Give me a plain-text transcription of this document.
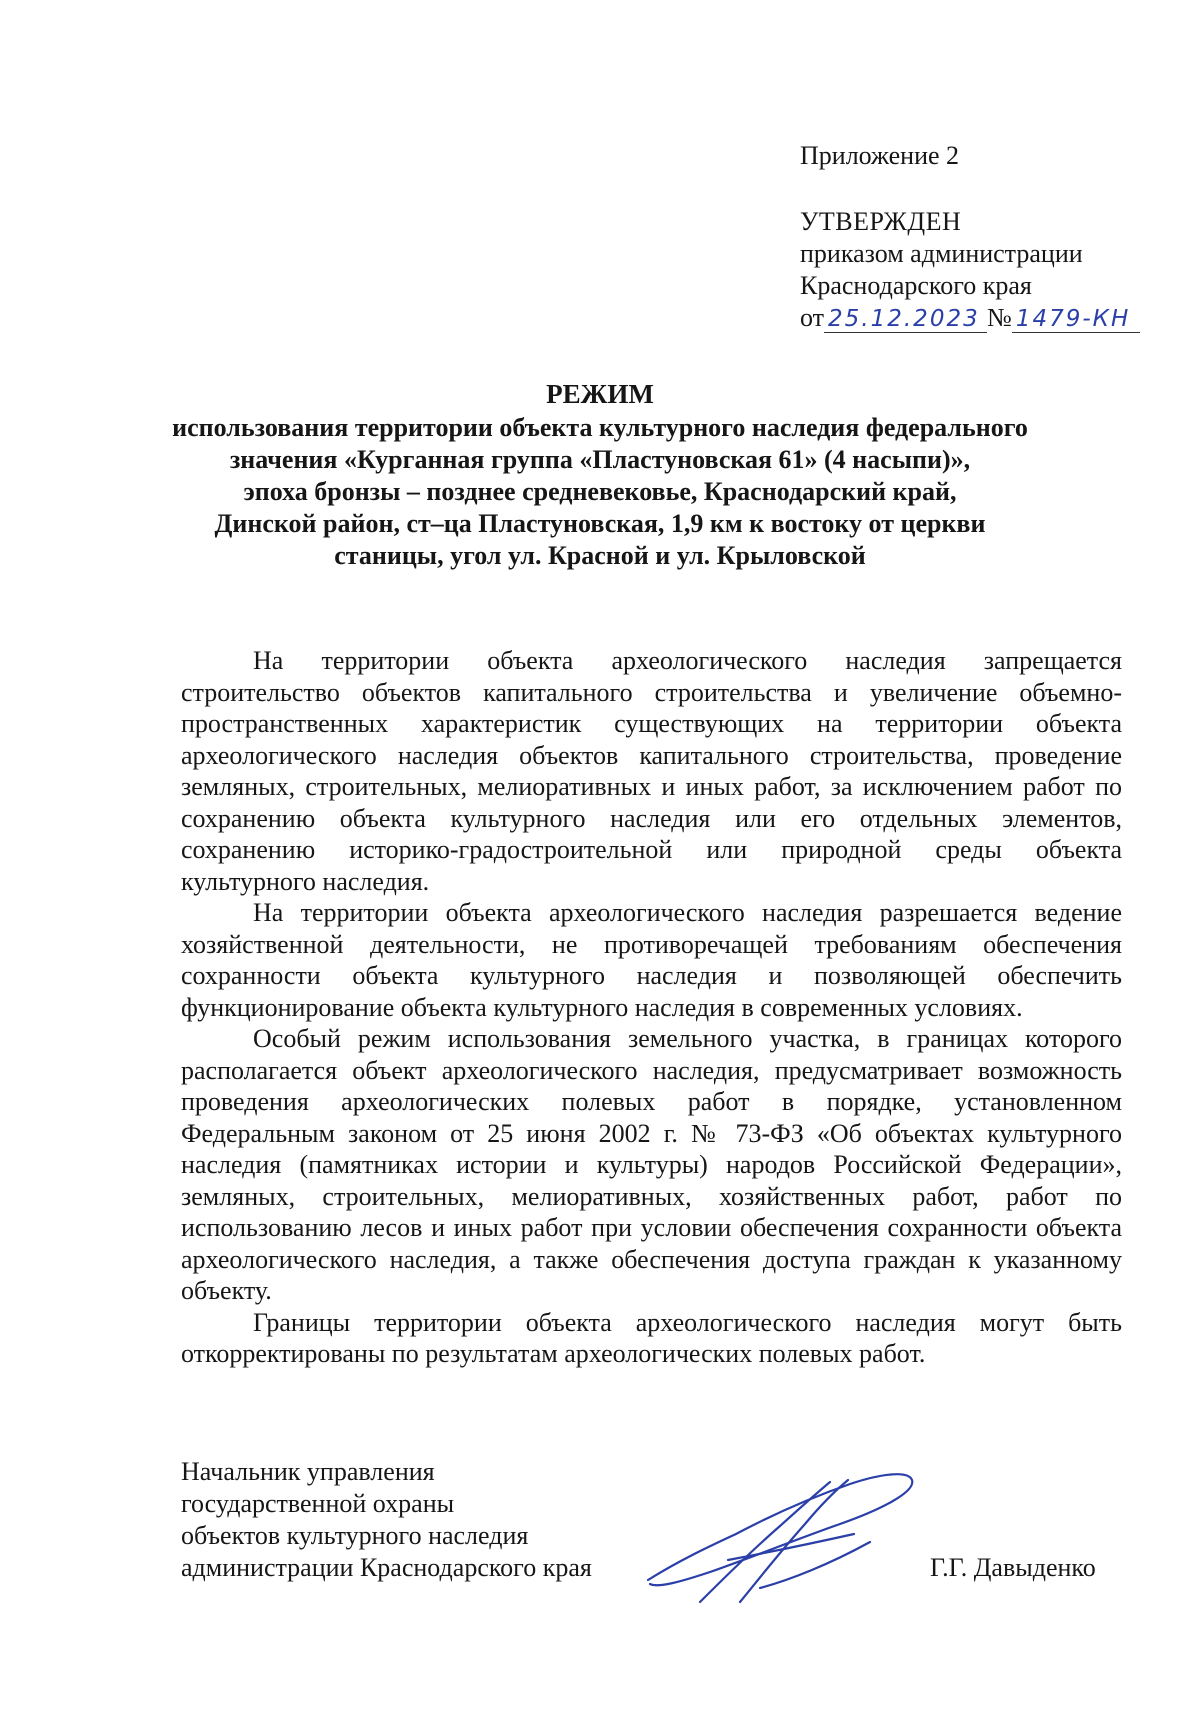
Приложение 2
УТВЕРЖДЕН
приказом администрации
Краснодарского края
от 25.12.2023 № 1479-КН
РЕЖИМ
использования территории объекта культурного наследия федерального
значения «Курганная группа «Пластуновская 61» (4 насыпи)»,
эпоха бронзы – позднее средневековье, Краснодарский край,
Динской район, ст–ца Пластуновская, 1,9 км к востоку от церкви
станицы, угол ул. Красной и ул. Крыловской

На территории объекта археологического наследия запрещается строительство объектов капитального строительства и увеличение объемно-пространственных характеристик существующих на территории объекта археологического наследия объектов капитального строительства, проведение земляных, строительных, мелиоративных и иных работ, за исключением работ по сохранению объекта культурного наследия или его отдельных элементов, сохранению историко-градостроительной или природной среды объекта культурного наследия.

На территории объекта археологического наследия разрешается ведение хозяйственной деятельности, не противоречащей требованиям обеспечения сохранности объекта культурного наследия и позволяющей обеспечить функционирование объекта культурного наследия в современных условиях.

Особый режим использования земельного участка, в границах которого располагается объект археологического наследия, предусматривает возможность проведения археологических полевых работ в порядке, установленном Федеральным законом от 25 июня 2002 г. № 73-ФЗ «Об объектах культурного наследия (памятниках истории и культуры) народов Российской Федерации», земляных, строительных, мелиоративных, хозяйственных работ, работ по использованию лесов и иных работ при условии обеспечения сохранности объекта археологического наследия, а также обеспечения доступа граждан к указанному объекту.

Границы территории объекта археологического наследия могут быть откорректированы по результатам археологических полевых работ.

Начальник управления
государственной охраны
объектов культурного наследия
администрации Краснодарского края	Г.Г. Давыденко
